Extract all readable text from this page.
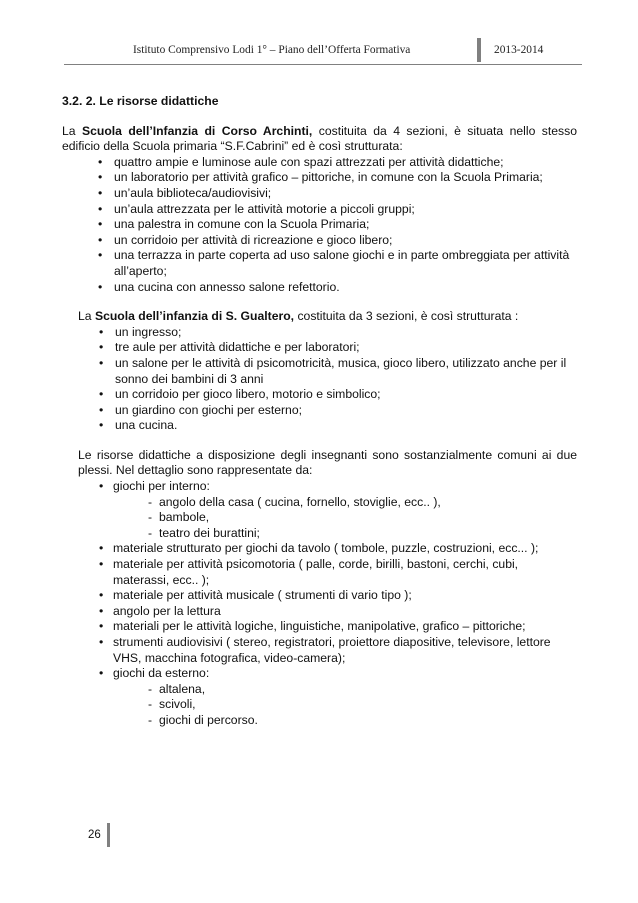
Istituto Comprensivo Lodi 1° – Piano dell’Offerta Formativa	2013-2014
3.2. 2. Le risorse didattiche

La Scuola dell’Infanzia di Corso Archinti, costituita da 4 sezioni, è situata nello stesso edificio della Scuola primaria “S.F.Cabrini” ed è così strutturata:

• quattro ampie e luminose aule con spazi attrezzati per attività didattiche;
• un laboratorio per attività grafico – pittoriche, in comune con la Scuola Primaria;
• un’aula biblioteca/audiovisivi;
• un’aula attrezzata per le attività motorie a piccoli gruppi;
• una palestra in comune con la Scuola Primaria;
• un corridoio per attività di ricreazione e gioco libero;
• una terrazza in parte coperta ad uso salone giochi e in parte ombreggiata per attività all’aperto;
• una cucina con annesso salone refettorio.

La Scuola dell’infanzia di S. Gualtero, costituita da 3 sezioni, è così strutturata :

• un ingresso;
• tre aule per attività didattiche e per laboratori;
• un salone per le attività di psicomotricità, musica, gioco libero, utilizzato anche per il sonno dei bambini di 3 anni
• un corridoio per gioco libero, motorio e simbolico;
• un giardino con giochi per esterno;
• una cucina.

Le risorse didattiche a disposizione degli insegnanti sono sostanzialmente comuni ai due plessi. Nel dettaglio sono rappresentate da:

• giochi per interno:
- angolo della casa ( cucina, fornello, stoviglie, ecc.. ),
- bambole,
- teatro dei burattini;
• materiale strutturato per giochi da tavolo ( tombole, puzzle, costruzioni, ecc... );
• materiale per attività psicomotoria ( palle, corde, birilli, bastoni, cerchi, cubi, materassi, ecc.. );
• materiale per attività musicale ( strumenti di vario tipo );
• angolo per la lettura
• materiali per le attività logiche, linguistiche, manipolative, grafico – pittoriche;
• strumenti audiovisivi ( stereo, registratori, proiettore diapositive, televisore, lettore VHS, macchina fotografica, video-camera);
• giochi da esterno:
- altalena,
- scivoli,
- giochi di percorso.
26
